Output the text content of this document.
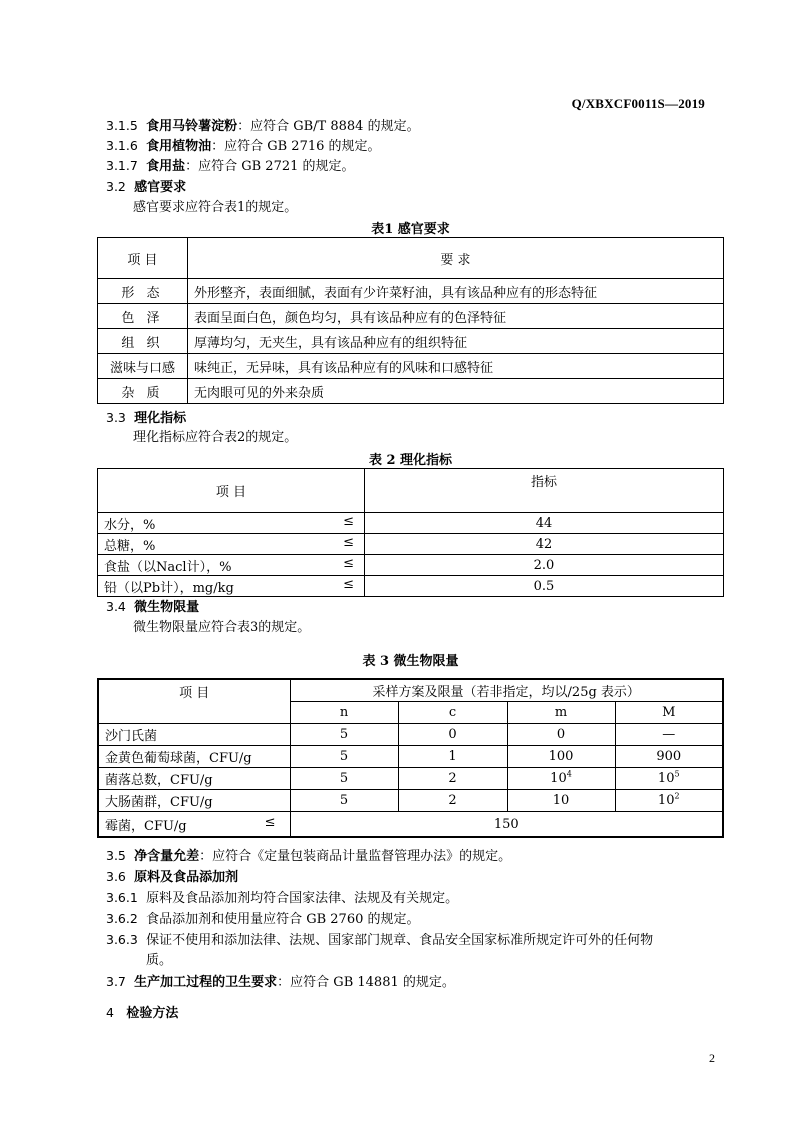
Q/XBXCF0011S—2019
3.1.5 食用马铃薯淀粉：应符合 GB/T 8884 的规定。
3.1.6 食用植物油：应符合 GB 2716 的规定。
3.1.7 食用盐：应符合 GB 2721 的规定。
3.2 感官要求
感官要求应符合表1的规定。
表1 感官要求
项 目	要 求
形 态	外形整齐，表面细腻，表面有少许菜籽油，具有该品种应有的形态特征
色 泽	表面呈面白色，颜色均匀，具有该品种应有的色泽特征
组 织	厚薄均匀，无夹生，具有该品种应有的组织特征
滋味与口感	味纯正，无异味，具有该品种应有的风味和口感特征
杂 质	无肉眼可见的外来杂质
3.3 理化指标
理化指标应符合表2的规定。
表 2 理化指标
项 目	指标
水分，% ≤	44
总糖，% ≤	42
食盐（以Nacl计），% ≤	2.0
铅（以Pb计），mg/kg ≤	0.5
3.4 微生物限量
微生物限量应符合表3的规定。
表 3 微生物限量
项 目	采样方案及限量（若非指定，均以/25g 表示）			
	n	c	m	M
沙门氏菌	5	0	0	—
金黄色葡萄球菌，CFU/g	5	1	100	900
菌落总数，CFU/g	5	2	$10^4$	$10^5$
大肠菌群，CFU/g	5	2	10	$10^2$
霉菌，CFU/g ≤	150			
3.5 净含量允差：应符合《定量包装商品计量监督管理办法》的规定。
3.6 原料及食品添加剂
3.6.1 原料及食品添加剂均符合国家法律、法规及有关规定。
3.6.2 食品添加剂和使用量应符合 GB 2760 的规定。
3.6.3 保证不使用和添加法律、法规、国家部门规章、食品安全国家标准所规定许可外的任何物
质。
3.7 生产加工过程的卫生要求：应符合 GB 14881 的规定。
4 检验方法
2
